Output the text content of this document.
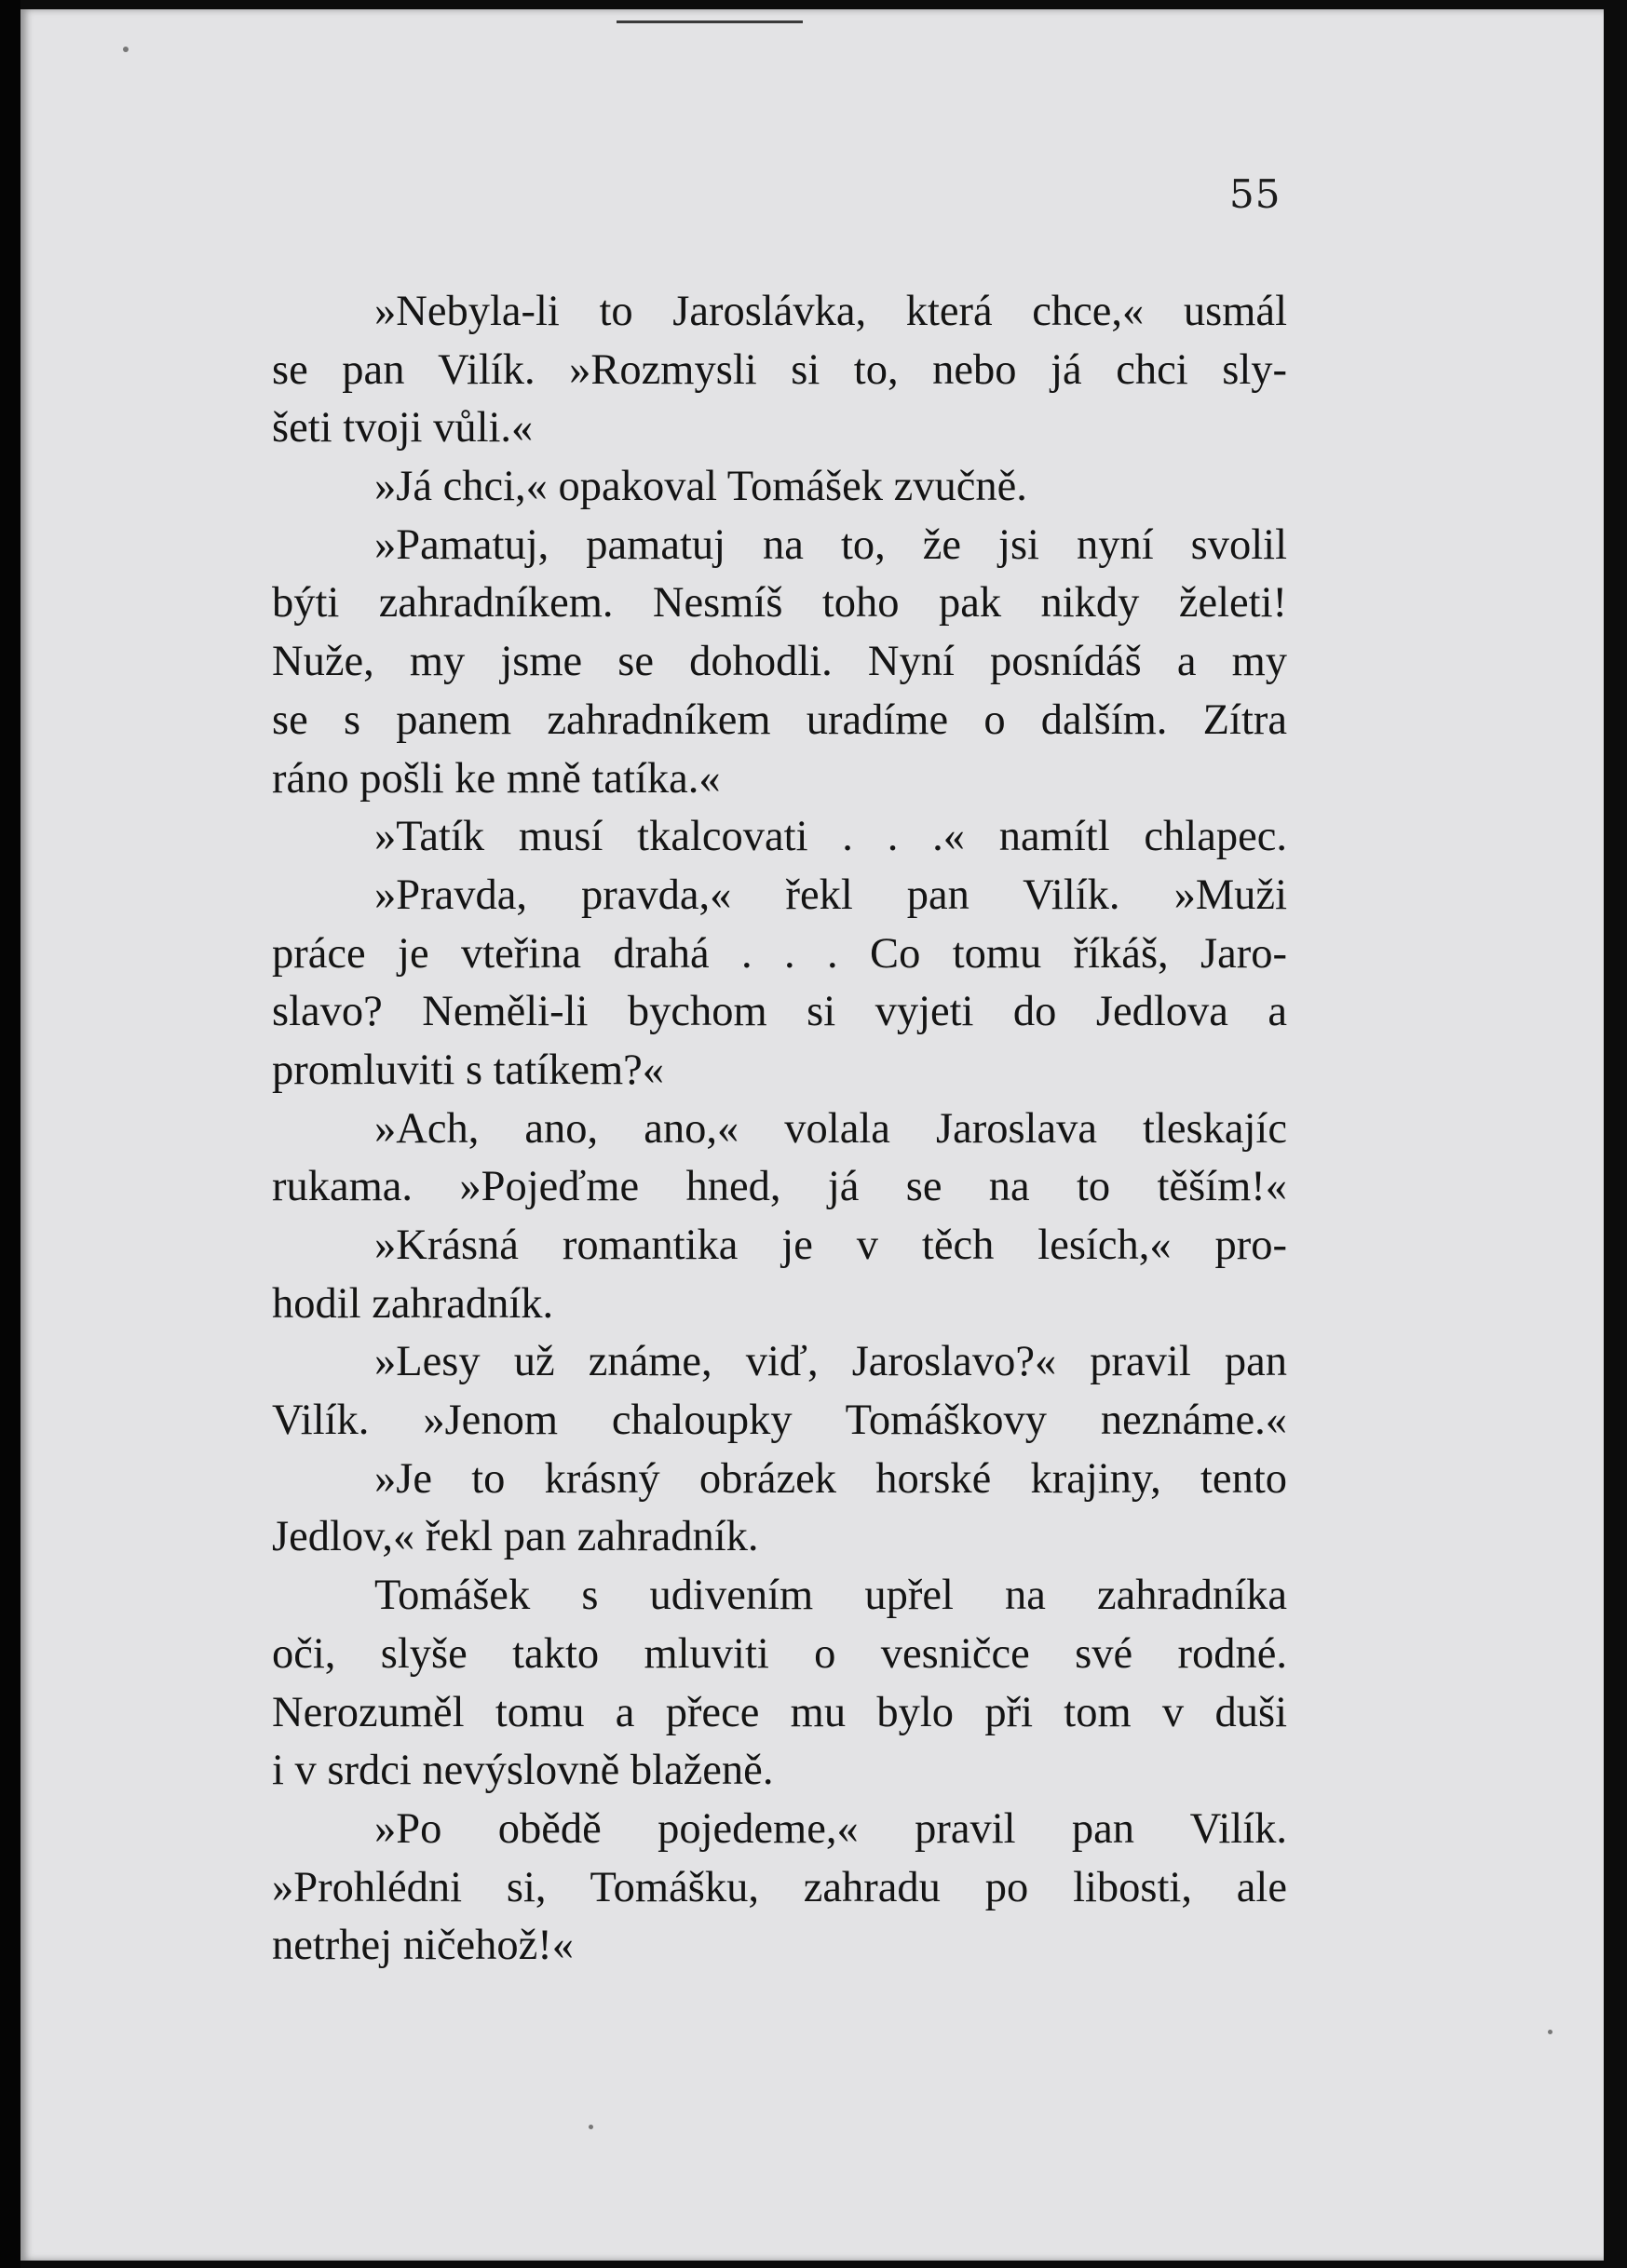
55
»Nebyla-li to Jaroslávka, která chce,« usmál
se pan Vilík. »Rozmysli si to, nebo já chci sly-
šeti tvoji vůli.«
»Já chci,« opakoval Tomášek zvučně.
»Pamatuj, pamatuj na to, že jsi nyní svolil
býti zahradníkem. Nesmíš toho pak nikdy želeti!
Nuže, my jsme se dohodli. Nyní posnídáš a my
se s panem zahradníkem uradíme o dalším. Zítra
ráno pošli ke mně tatíka.«
»Tatík musí tkalcovati . . .« namítl chlapec.
»Pravda, pravda,« řekl pan Vilík. »Muži
práce je vteřina drahá . . . Co tomu říkáš, Jaro-
slavo? Neměli-li bychom si vyjeti do Jedlova a
promluviti s tatíkem?«
»Ach, ano, ano,« volala Jaroslava tleskajíc
rukama. »Pojeďme hned, já se na to těším!«
»Krásná romantika je v těch lesích,« pro-
hodil zahradník.
»Lesy už známe, viď, Jaroslavo?« pravil pan
Vilík. »Jenom chaloupky Tomáškovy neznáme.«
»Je to krásný obrázek horské krajiny, tento
Jedlov,« řekl pan zahradník.
Tomášek s udivením upřel na zahradníka
oči, slyše takto mluviti o vesničce své rodné.
Nerozuměl tomu a přece mu bylo při tom v duši
i v srdci nevýslovně blaženě.
»Po obědě pojedeme,« pravil pan Vilík.
»Prohlédni si, Tomášku, zahradu po libosti, ale
netrhej ničehož!«
